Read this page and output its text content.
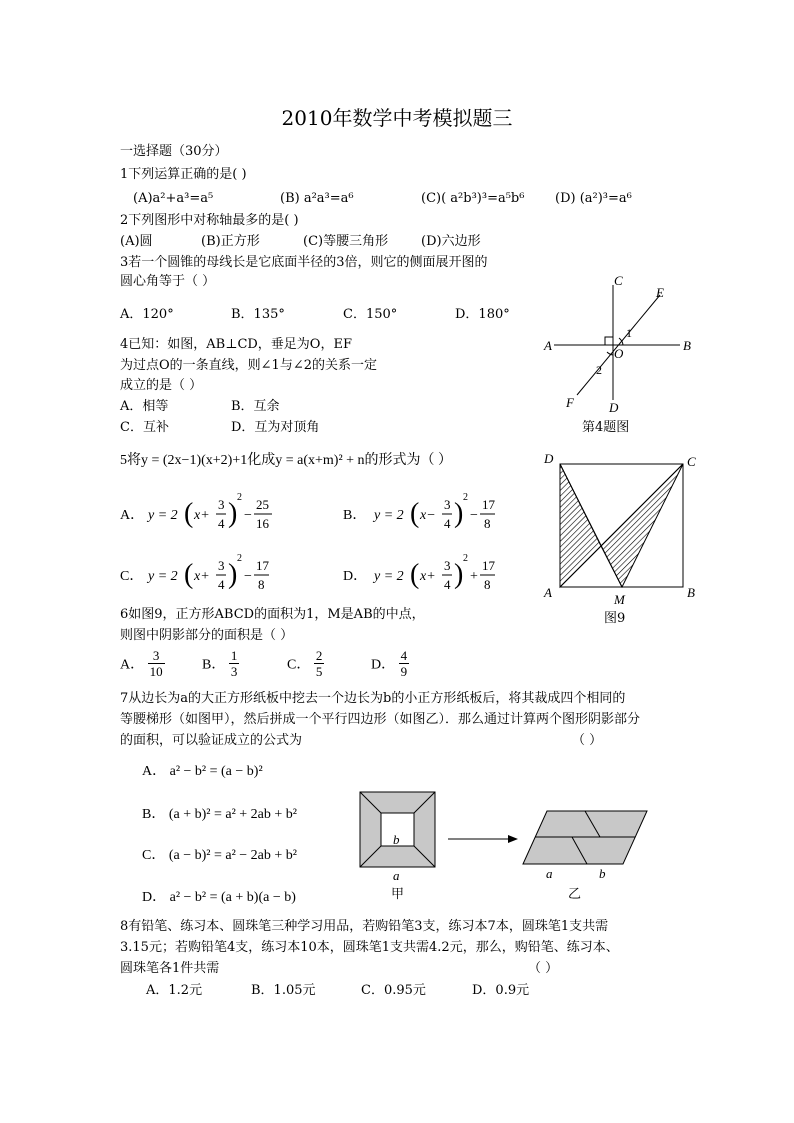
2010年数学中考模拟题三
一选择题（30分）
1下列运算正确的是( )
(A)a²+a³=a⁵	(B) a²a³=a⁶	(C)( a²b³)³=a⁵b⁶ (D) (a²)³=a⁶
2下列图形中对称轴最多的是( )
(A)圆	(B)正方形	(C)等腰三角形	(D)六边形
3若一个圆锥的母线长是它底面半径的3倍，则它的侧面展开图的
圆心角等于（ ）
A．120°	B．135°	C．150°	D．180°
4已知：如图，AB⊥CD，垂足为O，EF
为过点O的一条直线，则∠1与∠2的关系一定
成立的是（ ）
A．相等	B．互余
C．互补	D．互为对顶角
A	B
C
D
E
F
O
1
2
第4题图
5将y = (2x−1)(x+2)+1化成y = a(x+m)² + n的形式为（ ）
A． y = 2 ( x+
3
4 )
2
−
25
16
B． y = 2 ( x−
3
4 )
2
−
17
8
C． y = 2 ( x+
3
4 )
2
−
17
8
D． y = 2 ( x+
3
4 )
2
+
17
8
D	C
A	B
M
图9
6如图9，正方形ABCD的面积为1，M是AB的中点，
则图中阴影部分的面积是（ ）
A． $\frac{3}{10}$	B． $\frac{1}{3}$	C． $\frac{2}{5}$	D． $\frac{4}{9}$
7从边长为a的大正方形纸板中挖去一个边长为b的小正方形纸板后，将其裁成四个相同的
等腰梯形（如图甲），然后拼成一个平行四边形（如图乙）．那么通过计算两个图形阴影部分
的面积，可以验证成立的公式为	（ ）
A． a² − b² = (a − b)²
B． (a + b)² = a² + 2ab + b²
C． (a − b)² = a² − 2ab + b²
D． a² − b² = (a + b)(a − b)
b
a
甲
a	b
乙
8有铅笔、练习本、圆珠笔三种学习用品，若购铅笔3支，练习本7本，圆珠笔1支共需
3.15元；若购铅笔4支，练习本10本，圆珠笔1支共需4.2元，那么，购铅笔、练习本、
圆珠笔各1件共需	（ ）
A．1.2元	B．1.05元	C．0.95元	D．0.9元
